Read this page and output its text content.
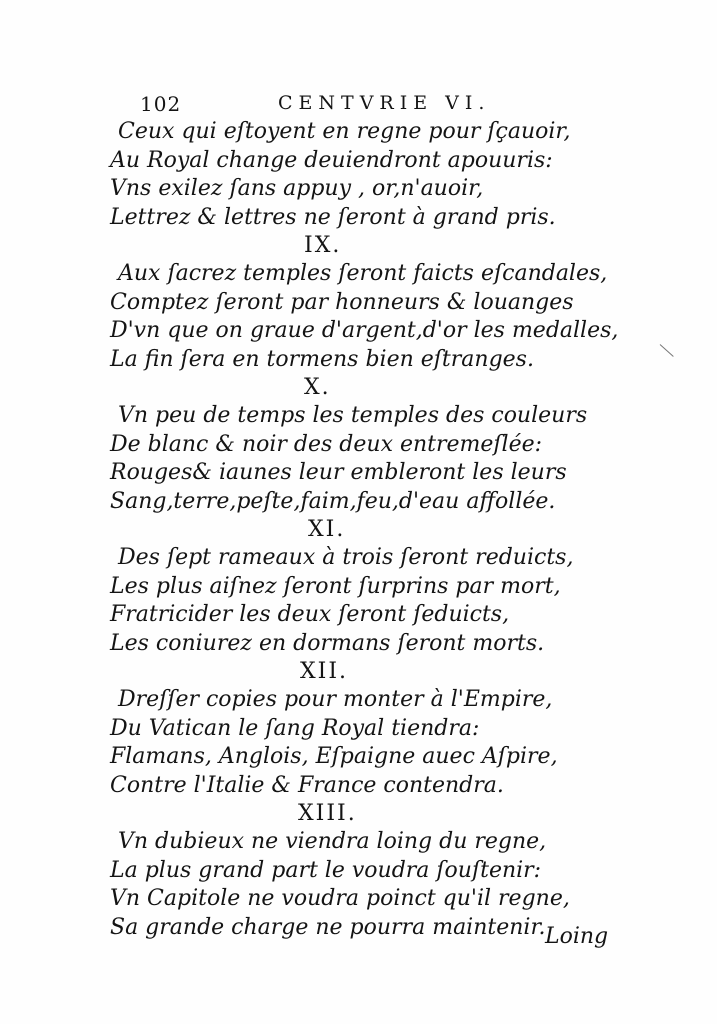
102	CENTVRIE VI.
Ceux qui eſtoyent en regne pour ſçauoir,
Au Royal change deuiendront apouuris:
Vns exilez ſans appuy , or,n'auoir,
Lettrez & lettres ne ſeront à grand pris.
IX.
Aux ſacrez temples ſeront faicts eſcandales,
Comptez ſeront par honneurs & louanges
D'vn que on graue d'argent,d'or les medalles,
La fin ſera en tormens bien eſtranges.
X.
Vn peu de temps les temples des couleurs
De blanc & noir des deux entremeſlée:
Rouges& iaunes leur embleront les leurs
Sang,terre,peſte,faim,feu,d'eau affollée.
XI.
Des ſept rameaux à trois ſeront reduicts,
Les plus aiſnez ſeront ſurprins par mort,
Fratricider les deux ſeront ſeduicts,
Les coniurez en dormans ſeront morts.
XII.
Dreſſer copies pour monter à l'Empire,
Du Vatican le ſang Royal tiendra:
Flamans, Anglois, Eſpaigne auec Aſpire,
Contre l'Italie & France contendra.
XIII.
Vn dubieux ne viendra loing du regne,
La plus grand part le voudra ſouſtenir:
Vn Capitole ne voudra poinct qu'il regne,
Sa grande charge ne pourra maintenir. Loing
